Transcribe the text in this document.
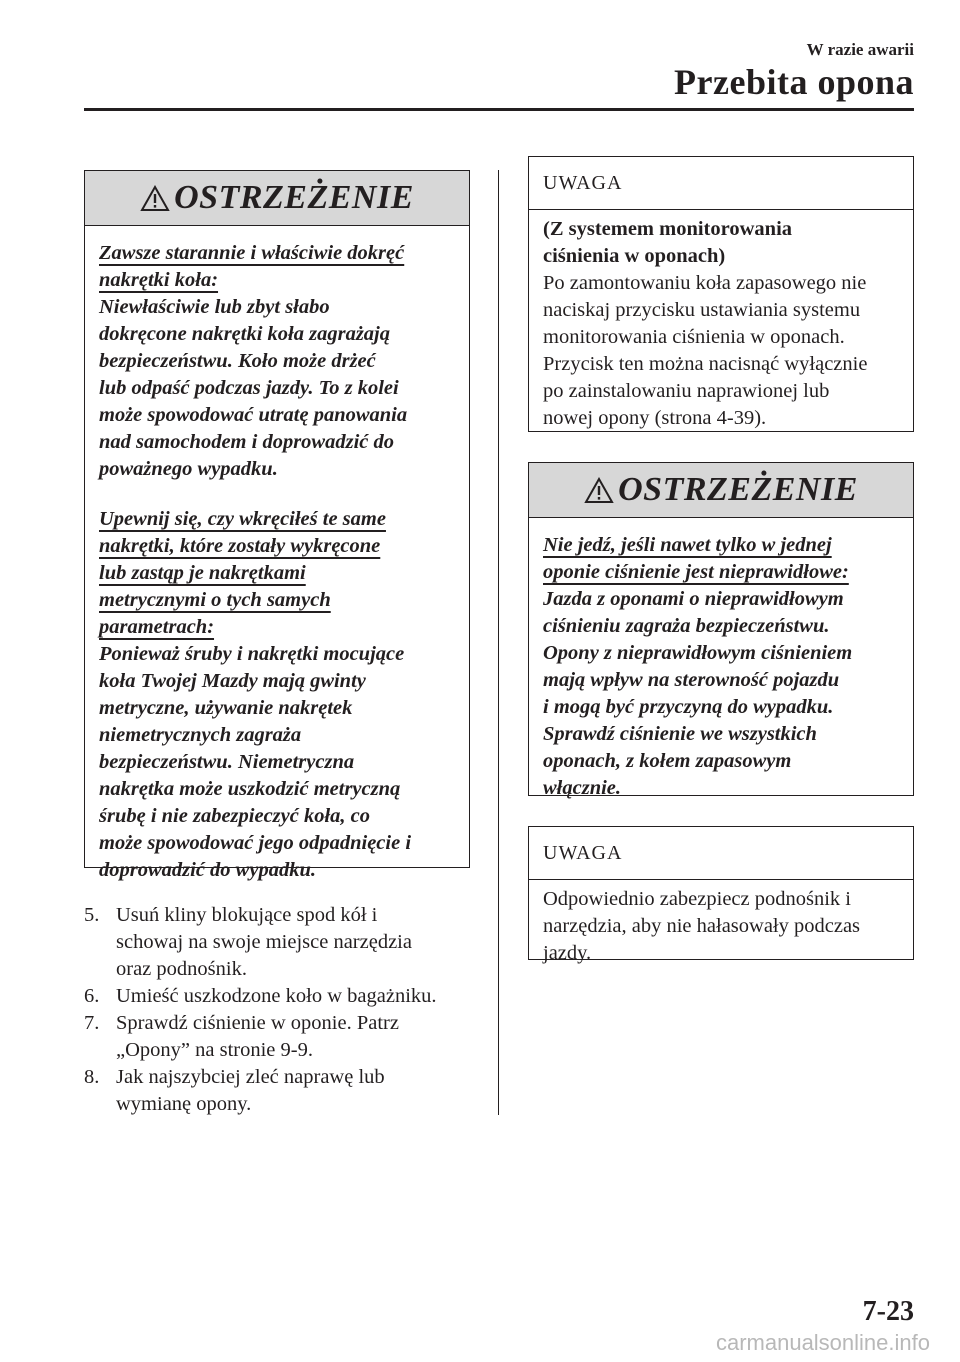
W razie awarii
Przebita opona
OSTRZEŻENIE

Zawsze starannie i właściwie dokręć

nakrętki koła:

Niewłaściwie lub zbyt słabo

dokręcone nakrętki koła zagrażają

bezpieczeństwu. Koło może drżeć

lub odpaść podczas jazdy. To z kolei

może spowodować utratę panowania

nad samochodem i doprowadzić do

poważnego wypadku.

Upewnij się, czy wkręciłeś te same

nakrętki, które zostały wykręcone

lub zastąp je nakrętkami

metrycznymi o tych samych

parametrach:

Ponieważ śruby i nakrętki mocujące

koła Twojej Mazdy mają gwinty

metryczne, używanie nakrętek

niemetrycznych zagraża

bezpieczeństwu. Niemetryczna

nakrętka może uszkodzić metryczną

śrubę i nie zabezpieczyć koła, co

może spowodować jego odpadnięcie i

doprowadzić do wypadku.

5. Usuń kliny blokujące spod kół i
schowaj na swoje miejsce narzędzia
oraz podnośnik.
6. Umieść uszkodzone koło w bagażniku.
7. Sprawdź ciśnienie w oponie. Patrz
„Opony” na stronie 9-9.
8. Jak najszybciej zleć naprawę lub
wymianę opony.
UWAGA

(Z systemem monitorowania

ciśnienia w oponach)

Po zamontowaniu koła zapasowego nie

naciskaj przycisku ustawiania systemu

monitorowania ciśnienia w oponach.

Przycisk ten można nacisnąć wyłącznie

po zainstalowaniu naprawionej lub

nowej opony (strona 4-39).

OSTRZEŻENIE

Nie jedź, jeśli nawet tylko w jednej

oponie ciśnienie jest nieprawidłowe:

Jazda z oponami o nieprawidłowym

ciśnieniu zagraża bezpieczeństwu.

Opony z nieprawidłowym ciśnieniem

mają wpływ na sterowność pojazdu

i mogą być przyczyną do wypadku.

Sprawdź ciśnienie we wszystkich

oponach, z kołem zapasowym

włącznie.

UWAGA

Odpowiednio zabezpiecz podnośnik i

narzędzia, aby nie hałasowały podczas

jazdy.

7-23
carmanualsonline.info
